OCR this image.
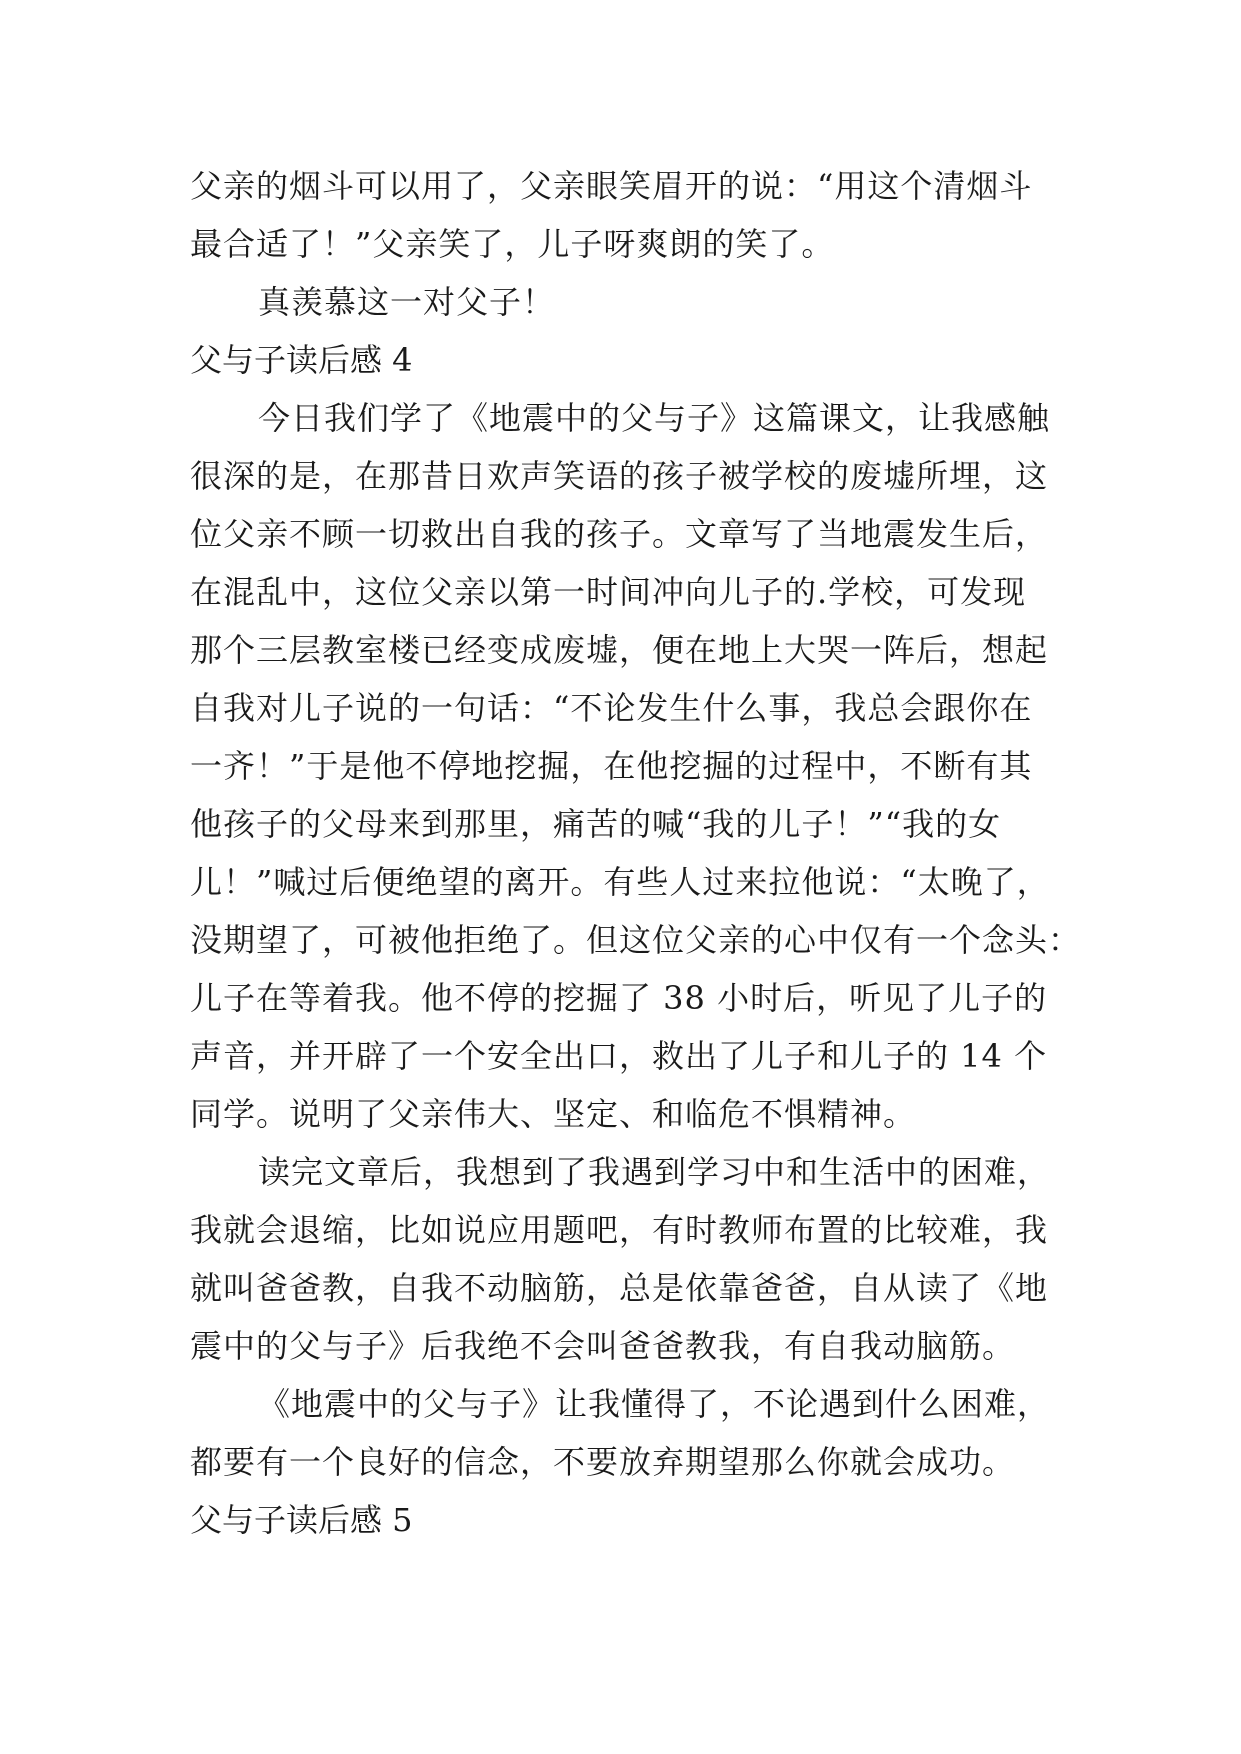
父亲的烟斗可以用了，父亲眼笑眉开的说：“用这个清烟斗
最合适了！”父亲笑了，儿子呀爽朗的笑了。
真羡慕这一对父子！
父与子读后感 4
今日我们学了《地震中的父与子》这篇课文，让我感触
很深的是，在那昔日欢声笑语的孩子被学校的废墟所埋，这
位父亲不顾一切救出自我的孩子。文章写了当地震发生后，
在混乱中，这位父亲以第一时间冲向儿子的.学校，可发现
那个三层教室楼已经变成废墟，便在地上大哭一阵后，想起
自我对儿子说的一句话：“不论发生什么事，我总会跟你在
一齐！”于是他不停地挖掘，在他挖掘的过程中，不断有其
他孩子的父母来到那里，痛苦的喊“我的儿子！”“我的女
儿！”喊过后便绝望的离开。有些人过来拉他说：“太晚了，
没期望了，可被他拒绝了。但这位父亲的心中仅有一个念头：
儿子在等着我。他不停的挖掘了 38 小时后，听见了儿子的
声音，并开辟了一个安全出口，救出了儿子和儿子的 14 个
同学。说明了父亲伟大、坚定、和临危不惧精神。
读完文章后，我想到了我遇到学习中和生活中的困难，
我就会退缩，比如说应用题吧，有时教师布置的比较难，我
就叫爸爸教，自我不动脑筋，总是依靠爸爸，自从读了《地
震中的父与子》后我绝不会叫爸爸教我，有自我动脑筋。
《地震中的父与子》让我懂得了，不论遇到什么困难，
都要有一个良好的信念，不要放弃期望那么你就会成功。
父与子读后感 5
